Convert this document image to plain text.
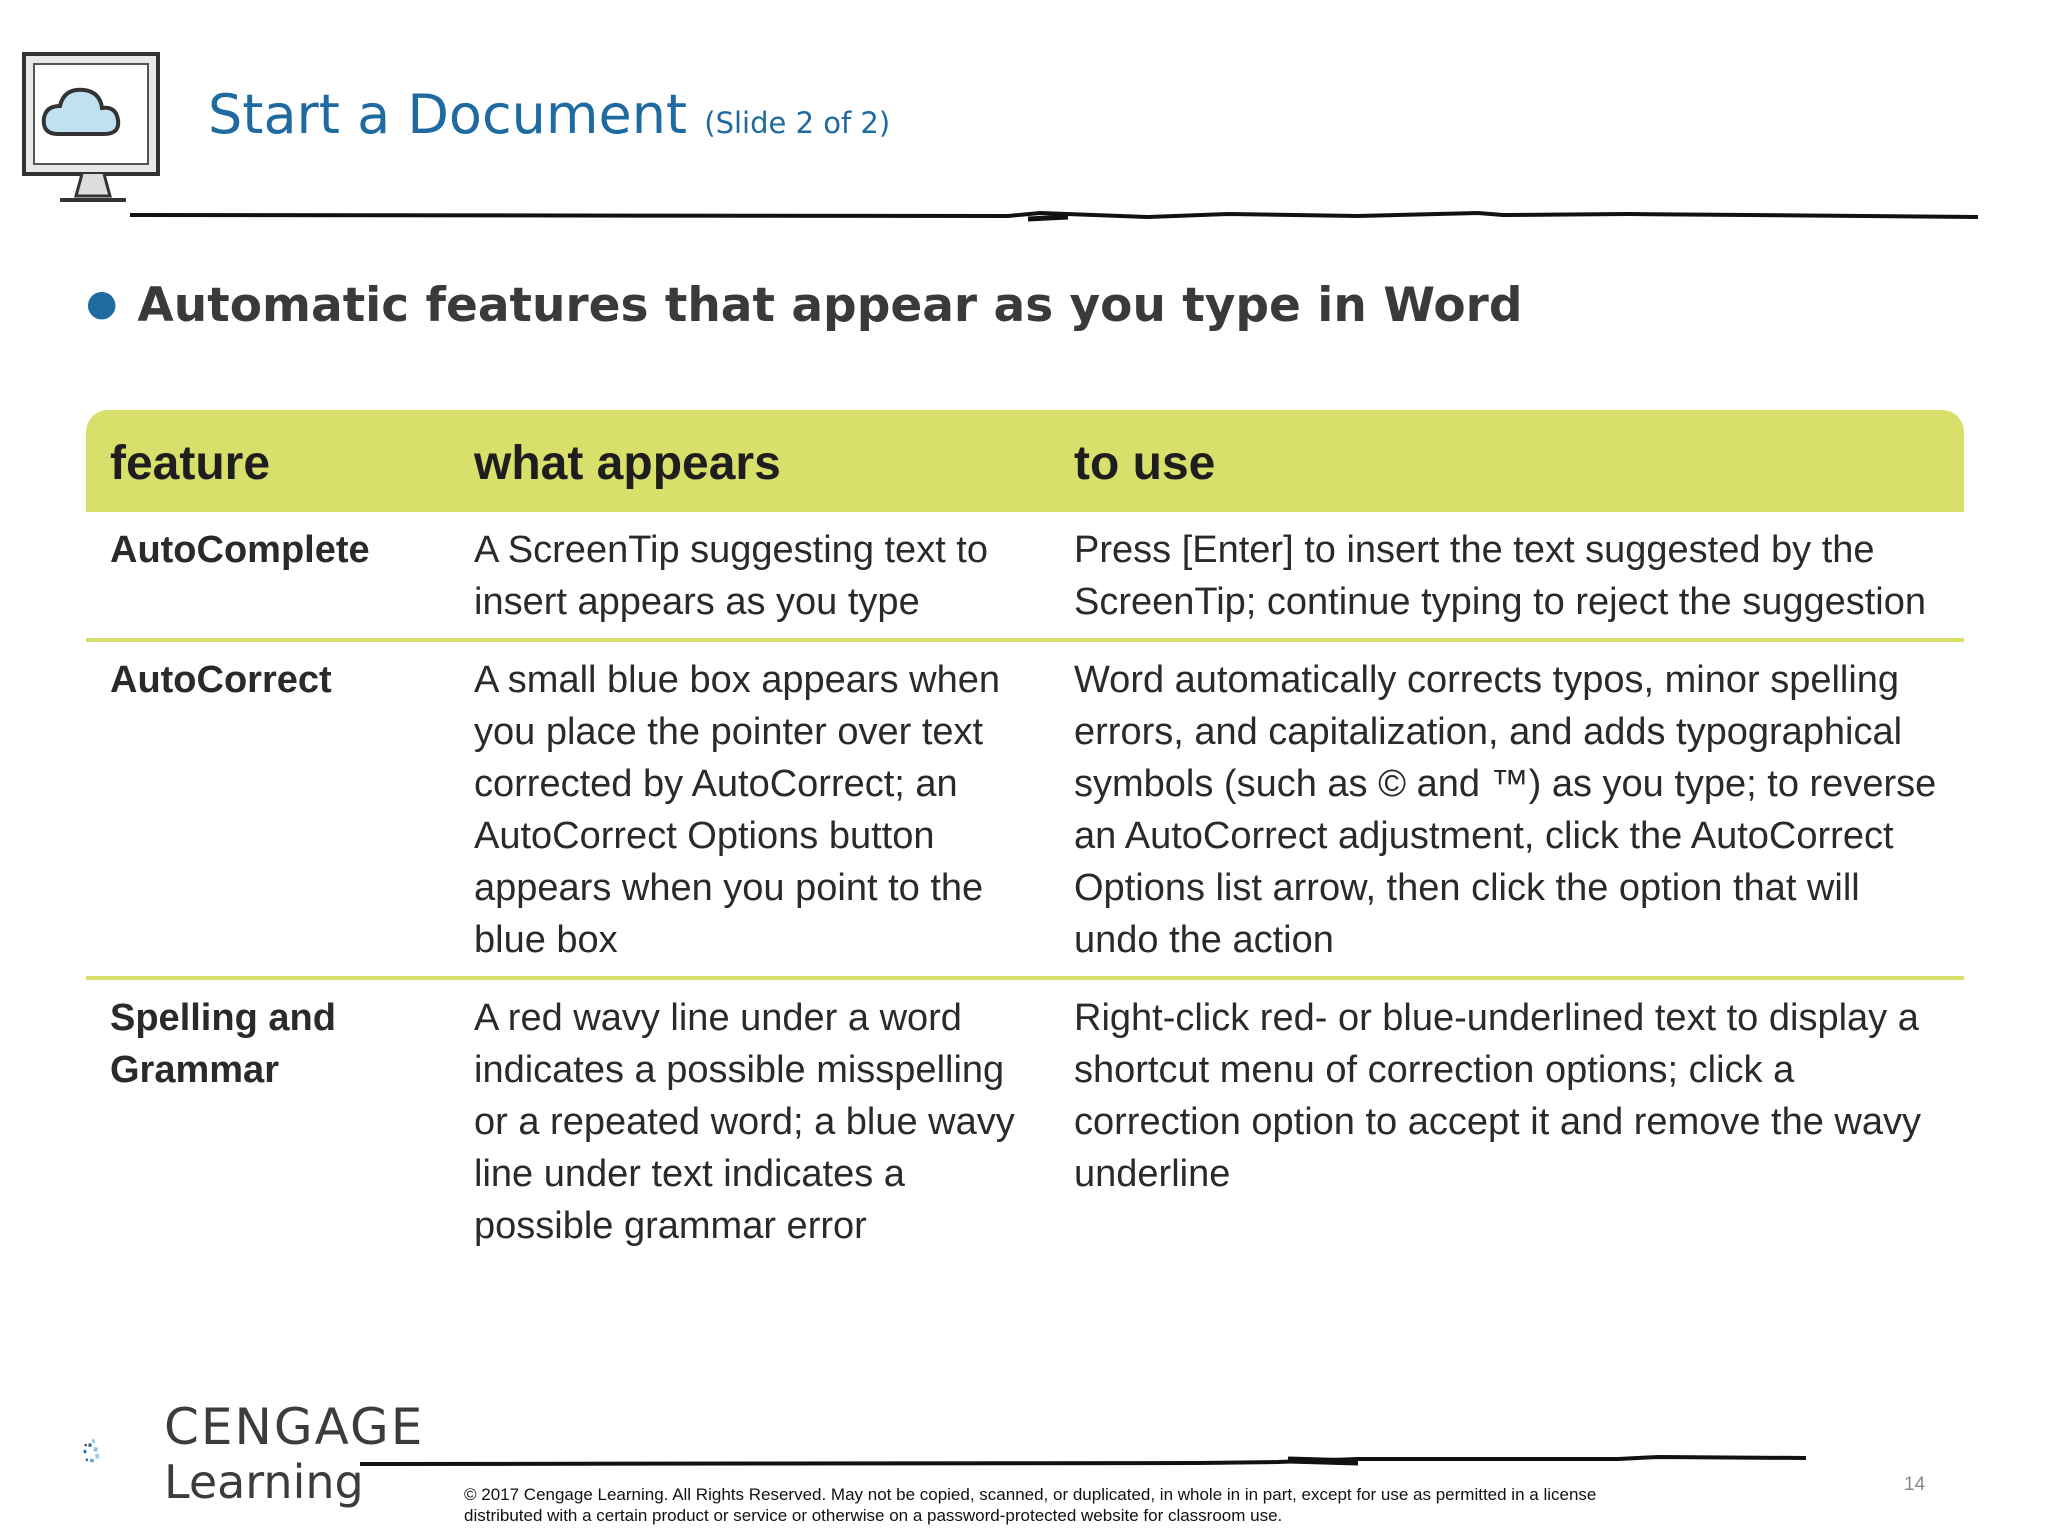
Start a Document (Slide 2 of 2)
● Automatic features that appear as you type in Word
feature	what appears	to use
AutoComplete	A ScreenTip suggesting text to insert appears as you type	Press [Enter] to insert the text suggested by the ScreenTip; continue typing to reject the suggestion
AutoCorrect	A small blue box appears when you place the pointer over text corrected by AutoCorrect; an AutoCorrect Options button appears when you point to the blue box	Word automatically corrects typos, minor spelling errors, and capitalization, and adds typographical symbols (such as © and ™) as you type; to reverse an AutoCorrect adjustment, click the AutoCorrect Options list arrow, then click the option that will undo the action
Spelling and Grammar	A red wavy line under a word indicates a possible misspelling or a repeated word; a blue wavy line under text indicates a possible grammar error	Right-click red- or blue-underlined text to display a shortcut menu of correction options; click a correction option to accept it and remove the wavy underline
CENGAGE
Learning	© 2017 Cengage Learning. All Rights Reserved. May not be copied, scanned, or duplicated, in whole in in part, except for use as permitted in a license
distributed with a certain product or service or otherwise on a password-protected website for classroom use.
14
